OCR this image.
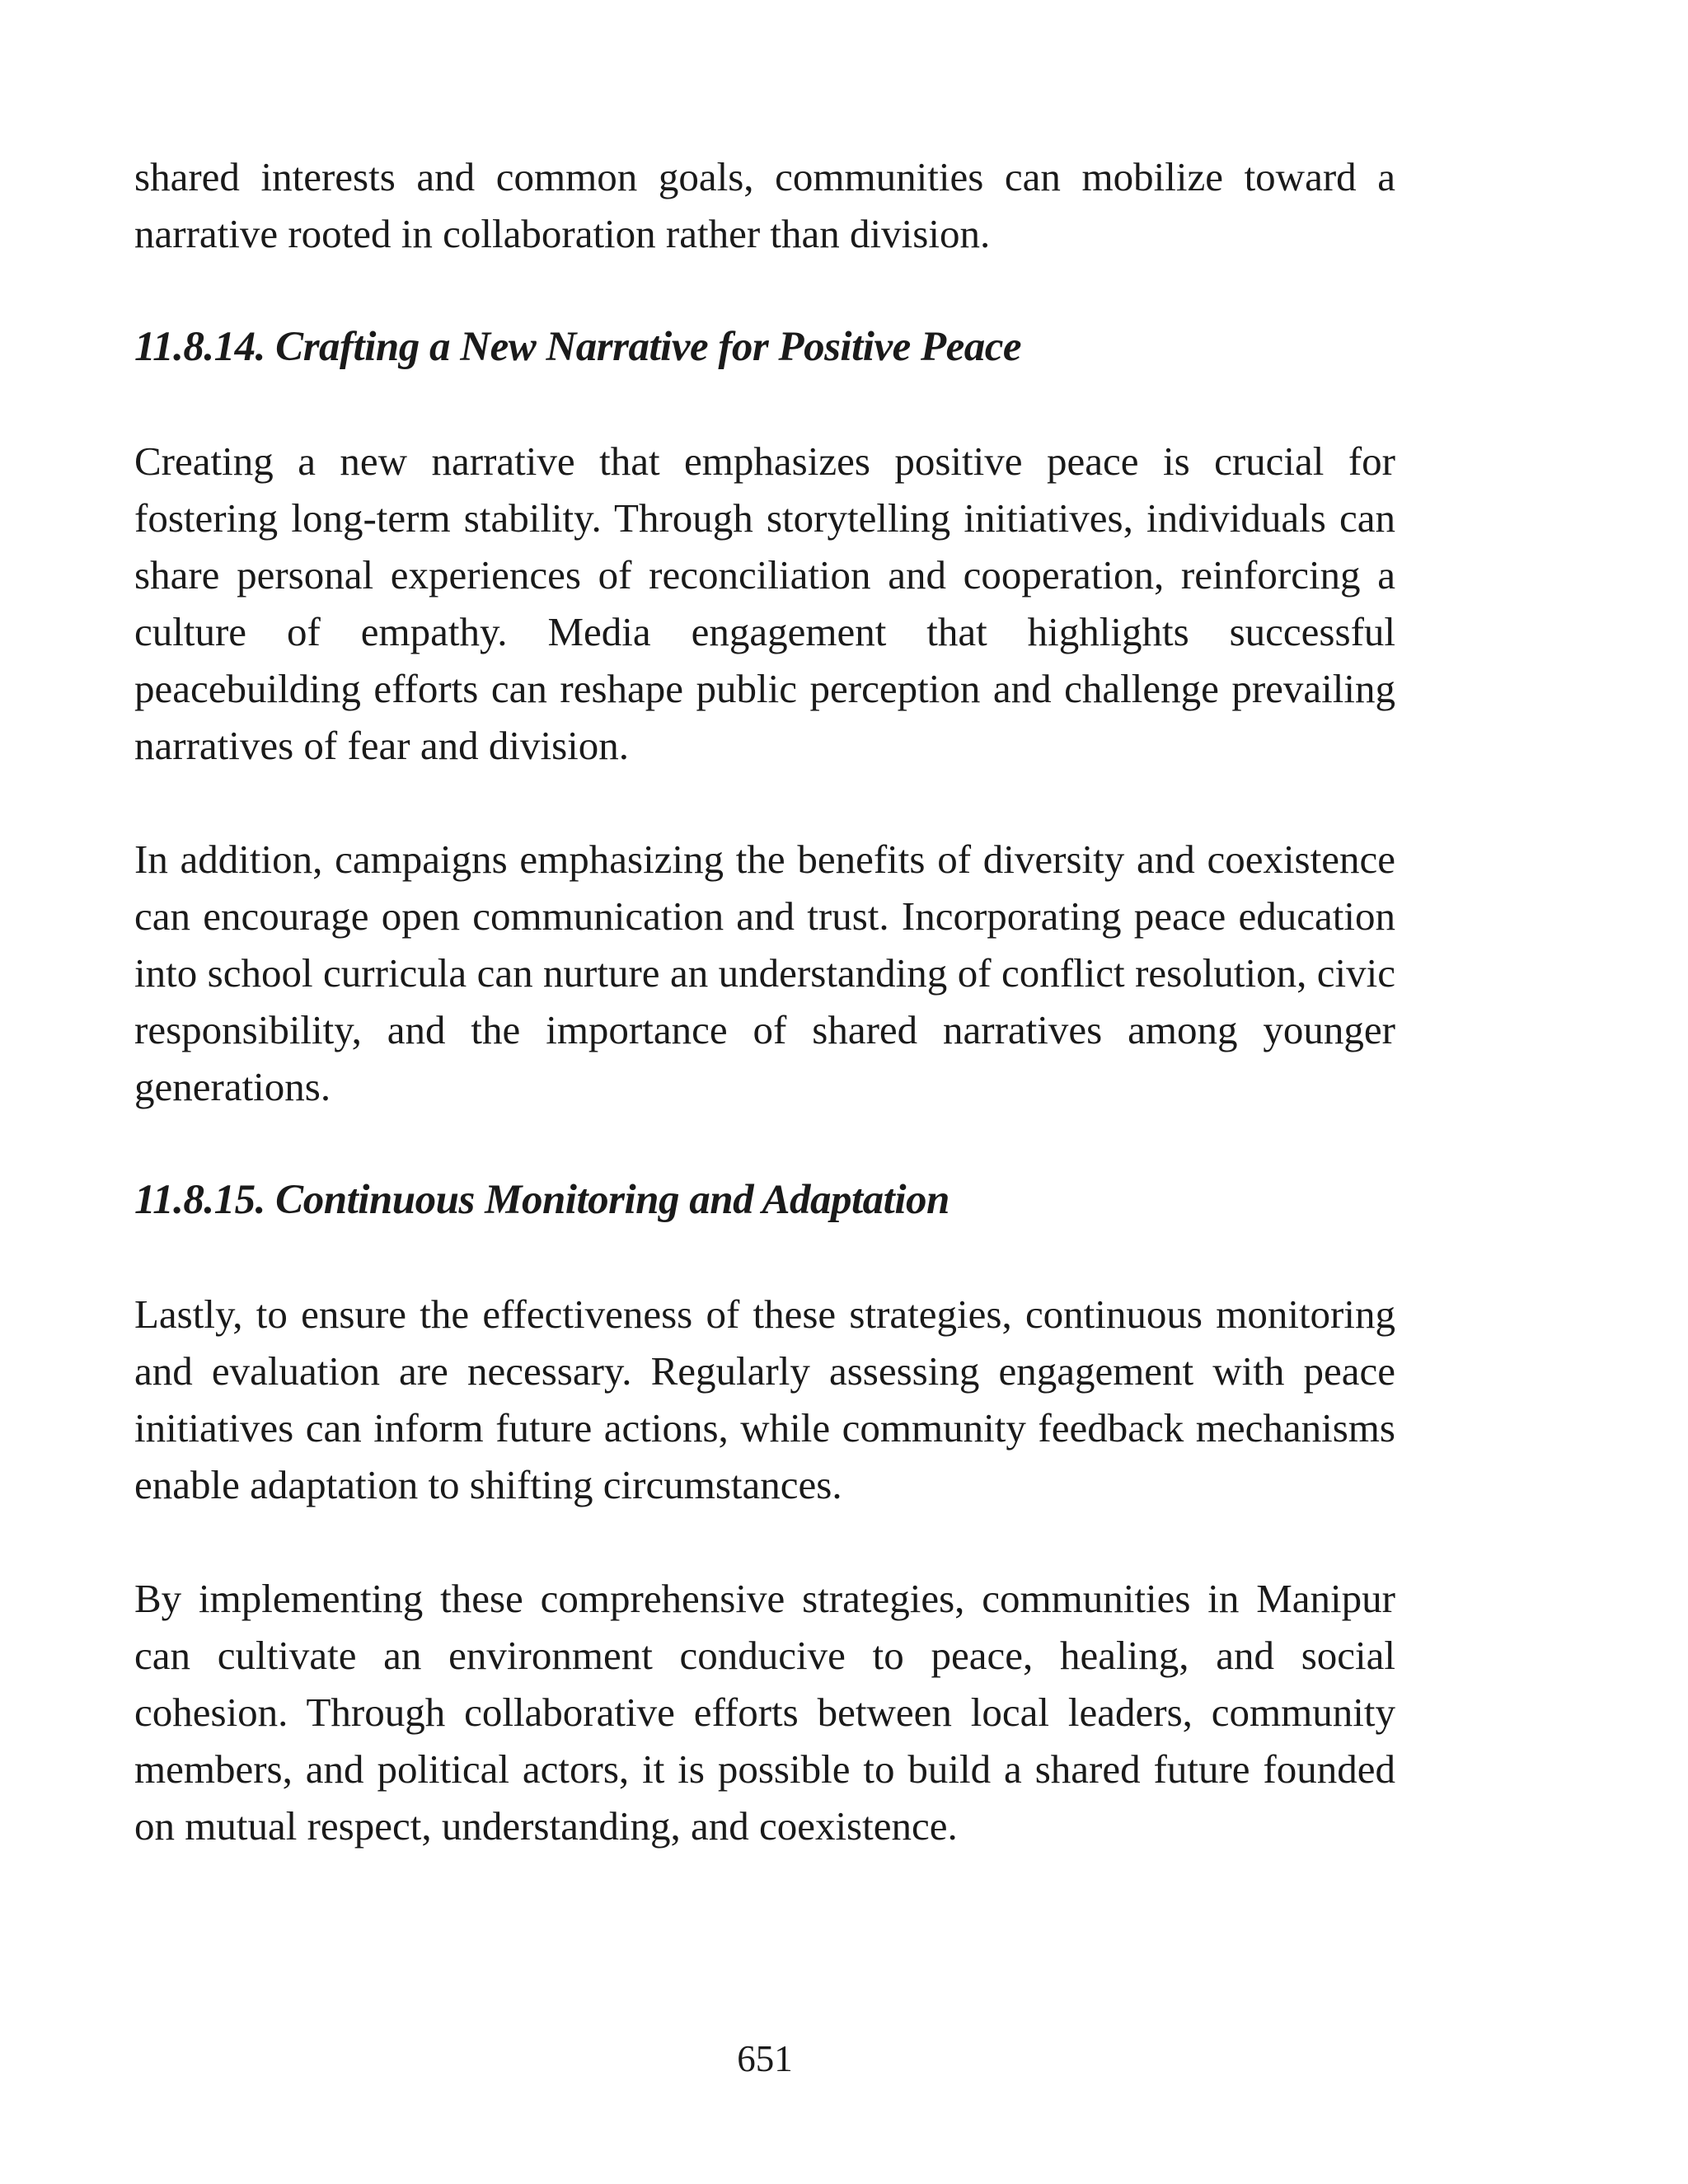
shared interests and common goals, communities can mobilize toward a narrative rooted in collaboration rather than division.

11.8.14. Crafting a New Narrative for Positive Peace

Creating a new narrative that emphasizes positive peace is crucial for fostering long-term stability. Through storytelling initiatives, individuals can share personal experiences of reconciliation and cooperation, reinforcing a culture of empathy. Media engagement that highlights successful peacebuilding efforts can reshape public perception and challenge prevailing narratives of fear and division.

In addition, campaigns emphasizing the benefits of diversity and coexistence can encourage open communication and trust. Incorporating peace education into school curricula can nurture an understanding of conflict resolution, civic responsibility, and the importance of shared narratives among younger generations.

11.8.15. Continuous Monitoring and Adaptation

Lastly, to ensure the effectiveness of these strategies, continuous monitoring and evaluation are necessary. Regularly assessing engagement with peace initiatives can inform future actions, while community feedback mechanisms enable adaptation to shifting circumstances.

By implementing these comprehensive strategies, communities in Manipur can cultivate an environment conducive to peace, healing, and social cohesion. Through collaborative efforts between local leaders, community members, and political actors, it is possible to build a shared future founded on mutual respect, understanding, and coexistence.

651
